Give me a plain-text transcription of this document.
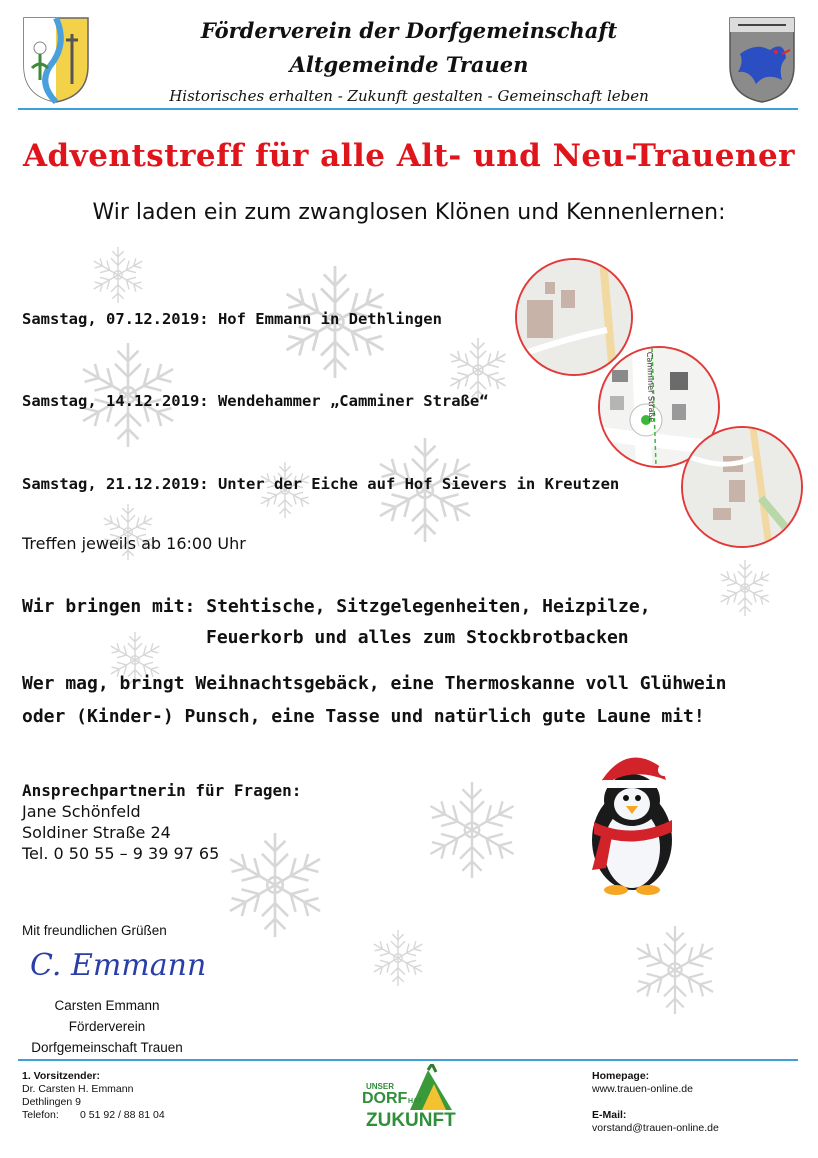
Förderverein der Dorfgemeinschaft
Altgemeinde Trauen
Historisches erhalten - Zukunft gestalten - Gemeinschaft leben
Adventstreff für alle Alt- und Neu-Trauener
Wir laden ein zum zwanglosen Klönen und Kennenlernen:
Camminer Straße
Samstag, 07.12.2019: Hof Emmann in Dethlingen
Samstag, 14.12.2019: Wendehammer „Camminer Straße“
Samstag, 21.12.2019: Unter der Eiche auf Hof Sievers in Kreutzen
Treffen jeweils ab 16:00 Uhr
Wir bringen mit: Stehtische, Sitzgelegenheiten, Heizpilze,
Feuerkorb und alles zum Stockbrotbacken
Wer mag, bringt Weihnachtsgebäck, eine Thermoskanne voll Glühwein
oder (Kinder-) Punsch, eine Tasse und natürlich gute Laune mit!
Ansprechpartnerin für Fragen:
Jane Schönfeld
Soldiner Straße 24
Tel. 0 50 55 – 9 39 97 65
Mit freundlichen Grüßen
C. Emmann
Carsten Emmann
Förderverein
Dorfgemeinschaft Trauen
1. Vorsitzender:
Dr. Carsten H. Emmann
Dethlingen 9
Telefon: 0 51 92 / 88 81 04
UNSER
DORF HAT
ZUKUNFT
Homepage:
www.trauen-online.de
E-Mail:
vorstand@trauen-online.de
